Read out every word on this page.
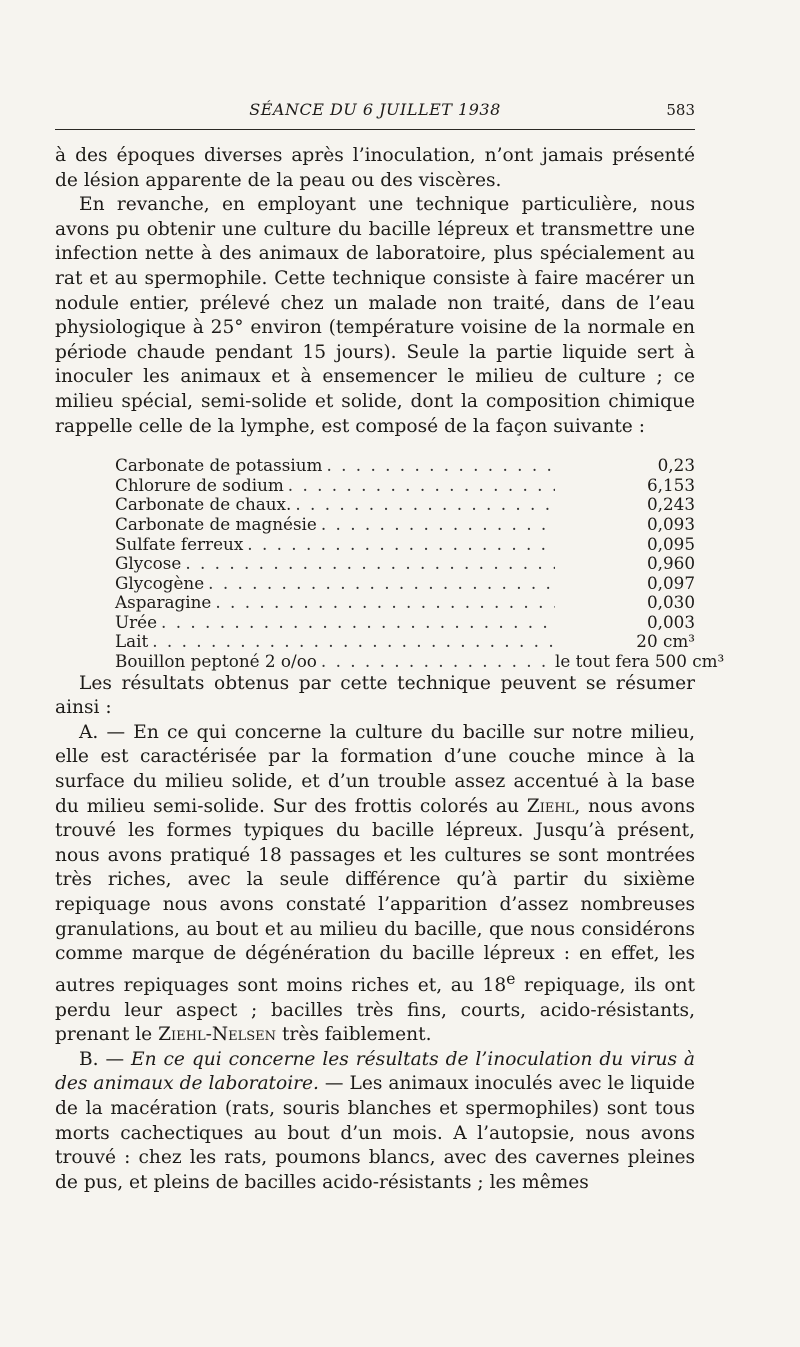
SÉANCE DU 6 JUILLET 1938	583

à des époques diverses après l’inoculation, n’ont jamais présenté de lésion apparente de la peau ou des viscères.

En revanche, en employant une technique particulière, nous avons pu obtenir une culture du bacille lépreux et transmettre une infection nette à des animaux de laboratoire, plus spécialement au rat et au spermophile. Cette technique consiste à faire macérer un nodule entier, prélevé chez un malade non traité, dans de l’eau physiologique à 25° environ (température voisine de la normale en période chaude pendant 15 jours). Seule la partie liquide sert à inoculer les animaux et à ensemencer le milieu de culture ; ce milieu spécial, semi-solide et solide, dont la composition chimique rappelle celle de la lymphe, est composé de la façon suivante :

Carbonate de potassium . . .	0,23
Chlorure de sodium . . .	6,153
Carbonate de chaux. . . .	0,243
Carbonate de magnésie . . .	0,093
Sulfate ferreux . . .	0,095
Glycose . . .	0,960
Glycogène . . .	0,097
Asparagine . . .	0,030
Urée . . .	0,003
Lait . . .	20 cm³
Bouillon peptoné 2 o/oo . . .	le tout fera 500 cm³

Les résultats obtenus par cette technique peuvent se résumer ainsi :

A. — En ce qui concerne la culture du bacille sur notre milieu, elle est caractérisée par la formation d’une couche mince à la surface du milieu solide, et d’un trouble assez accentué à la base du milieu semi-solide. Sur des frottis colorés au Ziehl, nous avons trouvé les formes typiques du bacille lépreux. Jusqu’à présent, nous avons pratiqué 18 passages et les cultures se sont montrées très riches, avec la seule différence qu’à partir du sixième repiquage nous avons constaté l’apparition d’assez nombreuses granulations, au bout et au milieu du bacille, que nous considérons comme marque de dégénération du bacille lépreux : en effet, les autres repiquages sont moins riches et, au 18e repiquage, ils ont perdu leur aspect ; bacilles très fins, courts, acido-résistants, prenant le Ziehl-Nelsen très faiblement.

B. — En ce qui concerne les résultats de l’inoculation du virus à des animaux de laboratoire. — Les animaux inoculés avec le liquide de la macération (rats, souris blanches et spermophiles) sont tous morts cachectiques au bout d’un mois. A l’autopsie, nous avons trouvé : chez les rats, poumons blancs, avec des cavernes pleines de pus, et pleins de bacilles acido-résistants ; les mêmes
